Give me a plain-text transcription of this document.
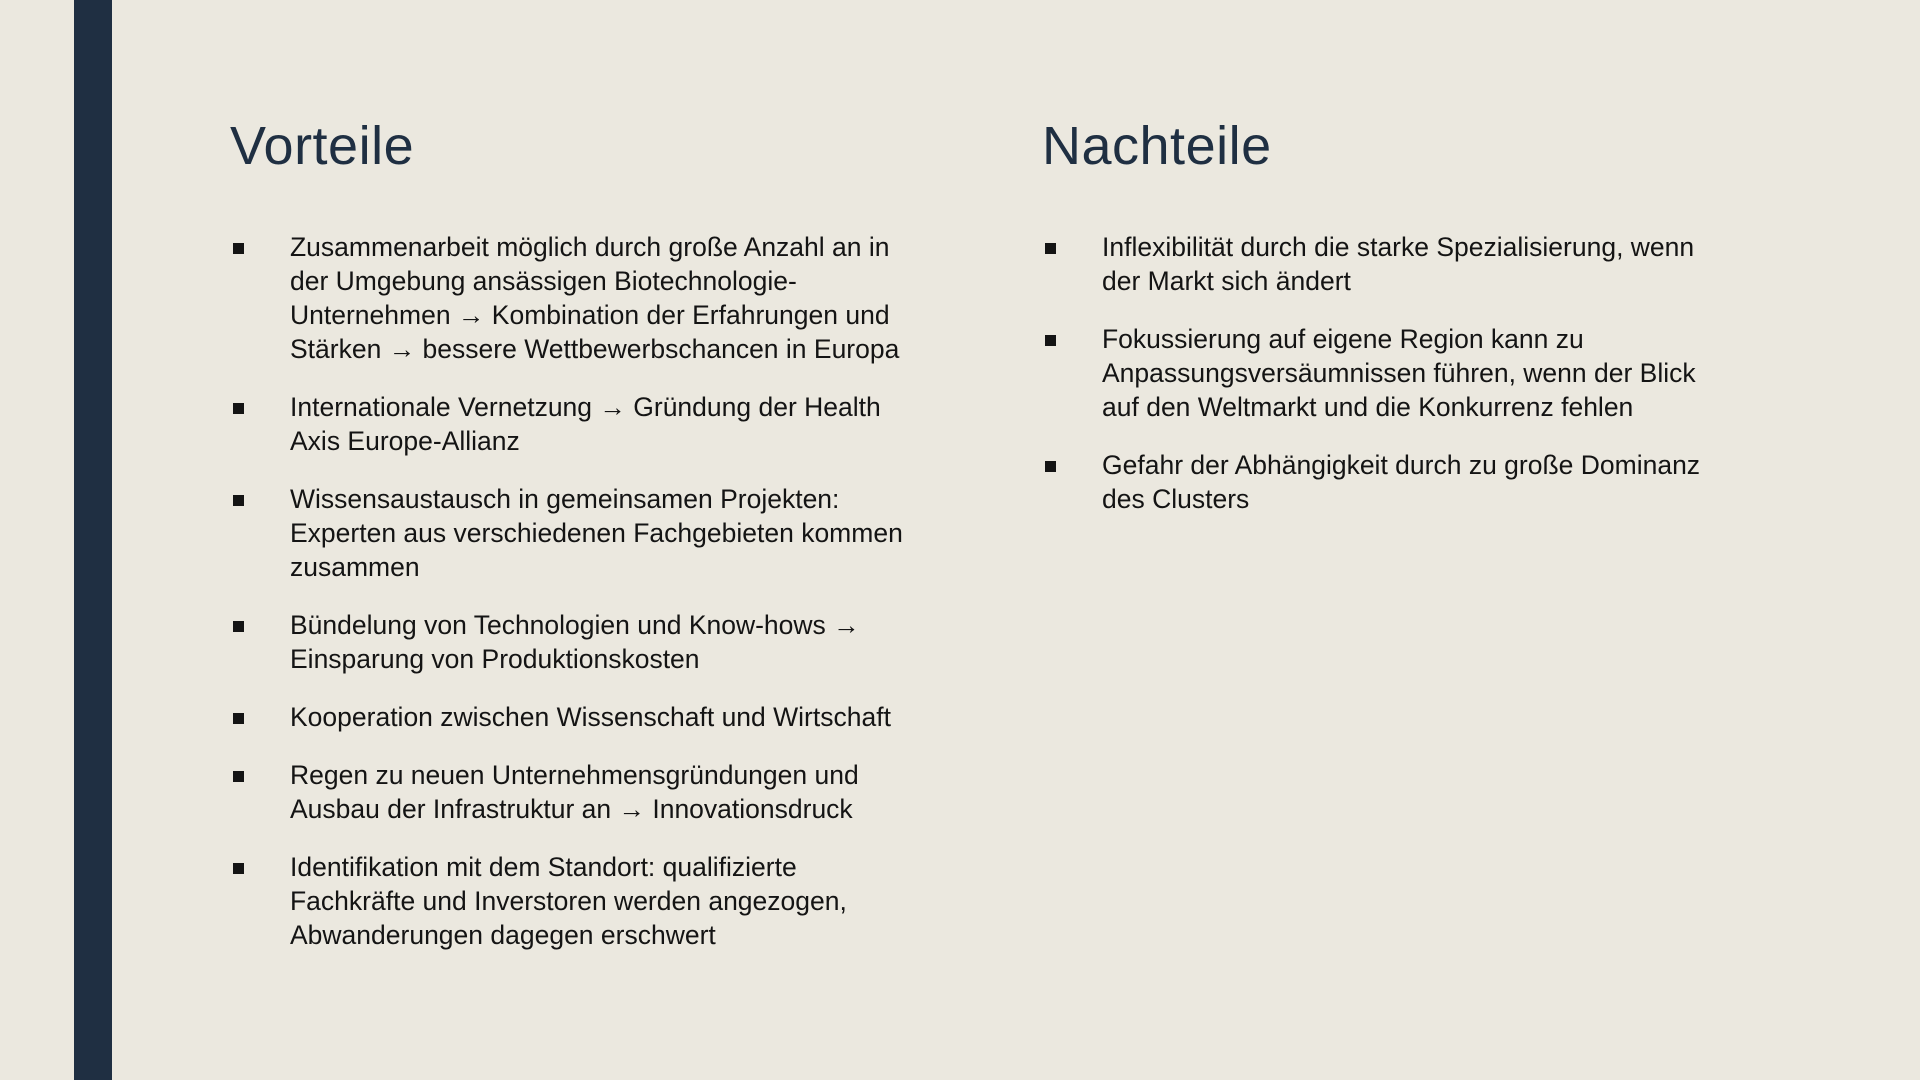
Vorteile
Zusammenarbeit möglich durch große Anzahl an in der Umgebung ansässigen Biotechnologie-Unternehmen → Kombination der Erfahrungen und Stärken → bessere Wettbewerbschancen in Europa
Internationale Vernetzung → Gründung der Health Axis Europe-Allianz
Wissensaustausch in gemeinsamen Projekten: Experten aus verschiedenen Fachgebieten kommen zusammen
Bündelung von Technologien und Know-hows → Einsparung von Produktionskosten
Kooperation zwischen Wissenschaft und Wirtschaft
Regen zu neuen Unternehmensgründungen und Ausbau der Infrastruktur an → Innovationsdruck
Identifikation mit dem Standort: qualifizierte Fachkräfte und Inverstoren werden angezogen, Abwanderungen dagegen erschwert
Nachteile
Inflexibilität durch die starke Spezialisierung, wenn der Markt sich ändert
Fokussierung auf eigene Region kann zu Anpassungsversäumnissen führen, wenn der Blick auf den Weltmarkt und die Konkurrenz fehlen
Gefahr der Abhängigkeit durch zu große Dominanz des Clusters
